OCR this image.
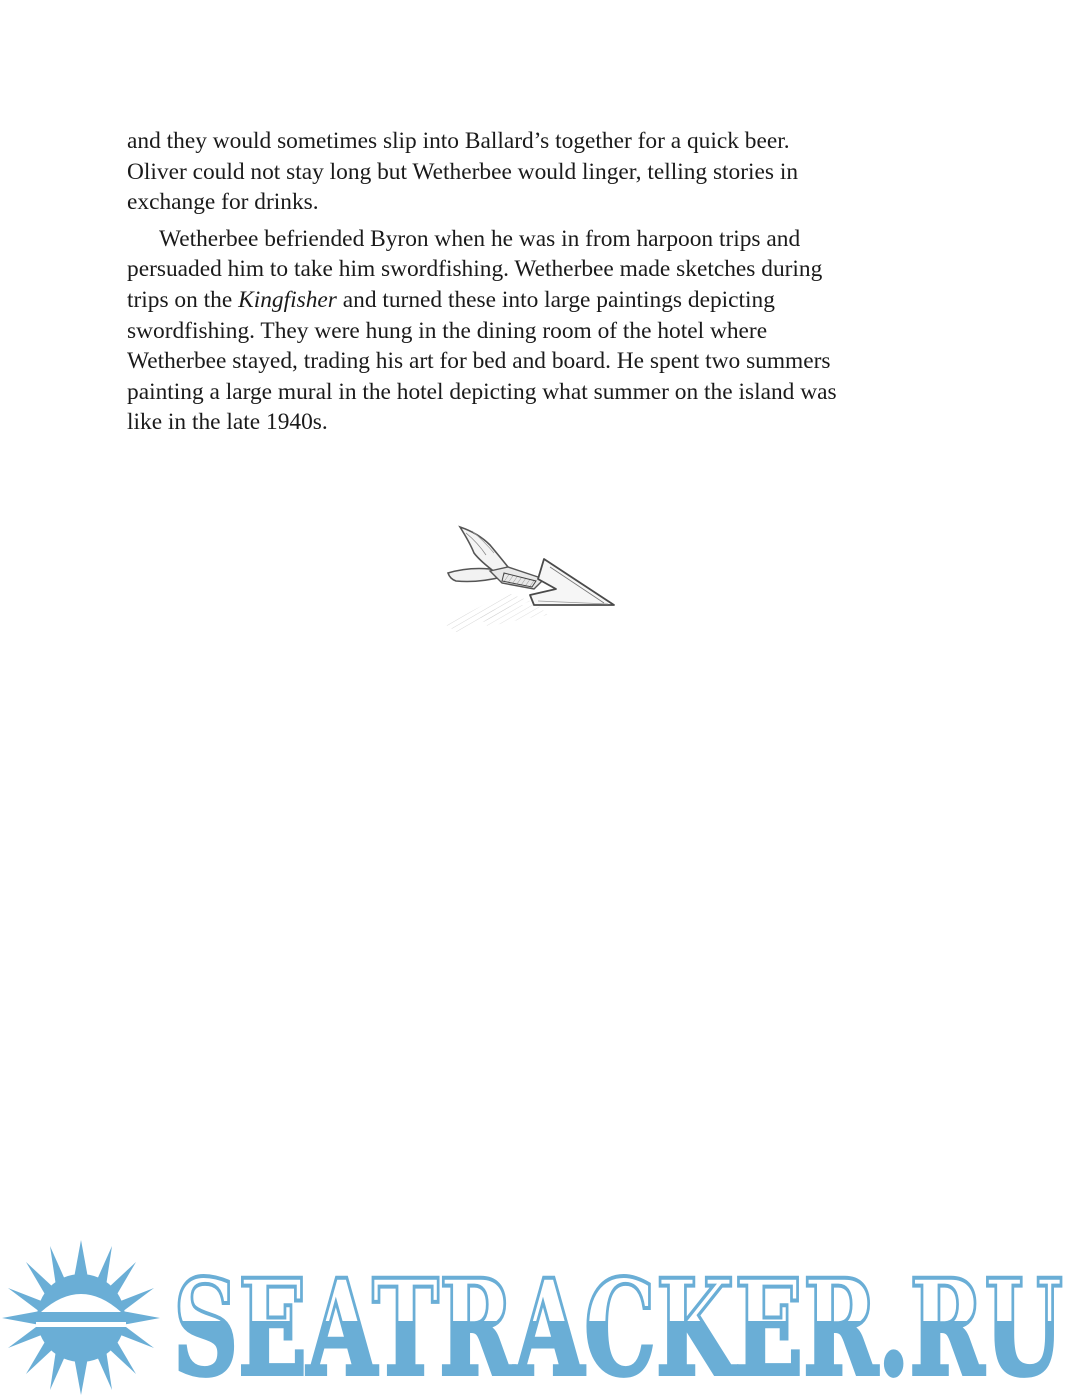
and they would sometimes slip into Ballard’s together for a quick beer.
Oliver could not stay long but Wetherbee would linger, telling stories in
exchange for drinks.

Wetherbee befriended Byron when he was in from harpoon trips and
persuaded him to take him swordfishing. Wetherbee made sketches during
trips on the Kingfisher and turned these into large paintings depicting
swordfishing. They were hung in the dining room of the hotel where
Wetherbee stayed, trading his art for bed and board. He spent two summers
painting a large mural in the hotel depicting what summer on the island was
like in the late 1940s.

SEATRACKER.RU
